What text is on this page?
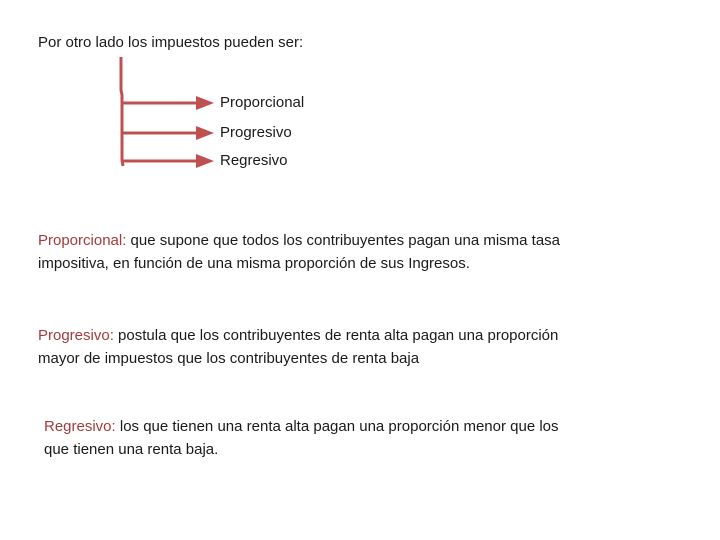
Por otro lado los impuestos pueden ser:
Proporcional
Progresivo
Regresivo
Proporcional: que supone que todos los contribuyentes pagan una misma tasa
impositiva, en función de una misma proporción de sus Ingresos.
Progresivo: postula que los contribuyentes de renta alta pagan una proporción
mayor de impuestos que los contribuyentes de renta baja
Regresivo: los que tienen una renta alta pagan una proporción menor que los
que tienen una renta baja.
